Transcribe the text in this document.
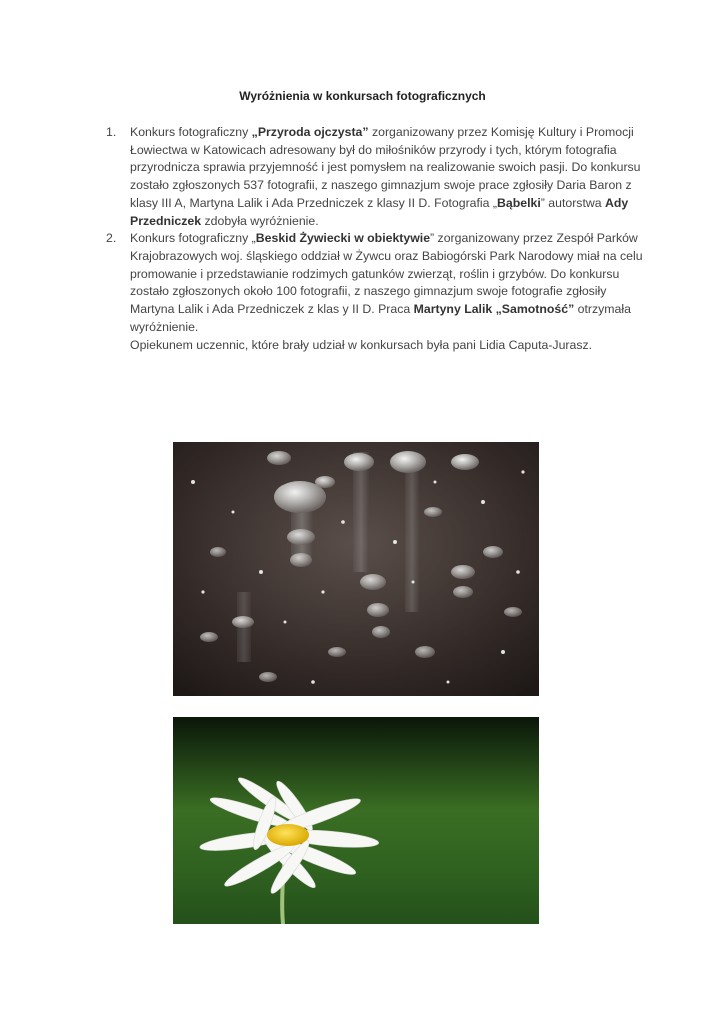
Wyróżnienia w konkursach fotograficznych
1. Konkurs fotograficzny „Przyroda ojczysta” zorganizowany przez Komisję Kultury i Promocji Łowiectwa w Katowicach adresowany był do miłośników przyrody i tych, którym fotografia przyrodnicza sprawia przyjemność i jest pomysłem na realizowanie swoich pasji. Do konkursu zostało zgłoszonych 537 fotografii, z naszego gimnazjum swoje prace zgłosiły Daria Baron z klasy III A, Martyna Lalik i Ada Przedniczek z klasy II D. Fotografia „Bąbelki” autorstwa Ady Przedniczek zdobyła wyróżnienie.
2. Konkurs fotograficzny „Beskid Żywiecki w obiektywie” zorganizowany przez Zespół Parków Krajobrazowych woj. śląskiego oddział w Żywcu oraz Babiogórski Park Narodowy miał na celu promowanie i przedstawianie rodzimych gatunków zwierząt, roślin i grzybów. Do konkursu zostało zgłoszonych około 100 fotografii, z naszego gimnazjum swoje fotografie zgłosiły Martyna Lalik i Ada Przedniczek z klas y II D. Praca Martyny Lalik „Samotność” otrzymała wyróżnienie.

Opiekunem uczennic, które brały udział w konkursach była pani Lidia Caputa-Jurasz.
